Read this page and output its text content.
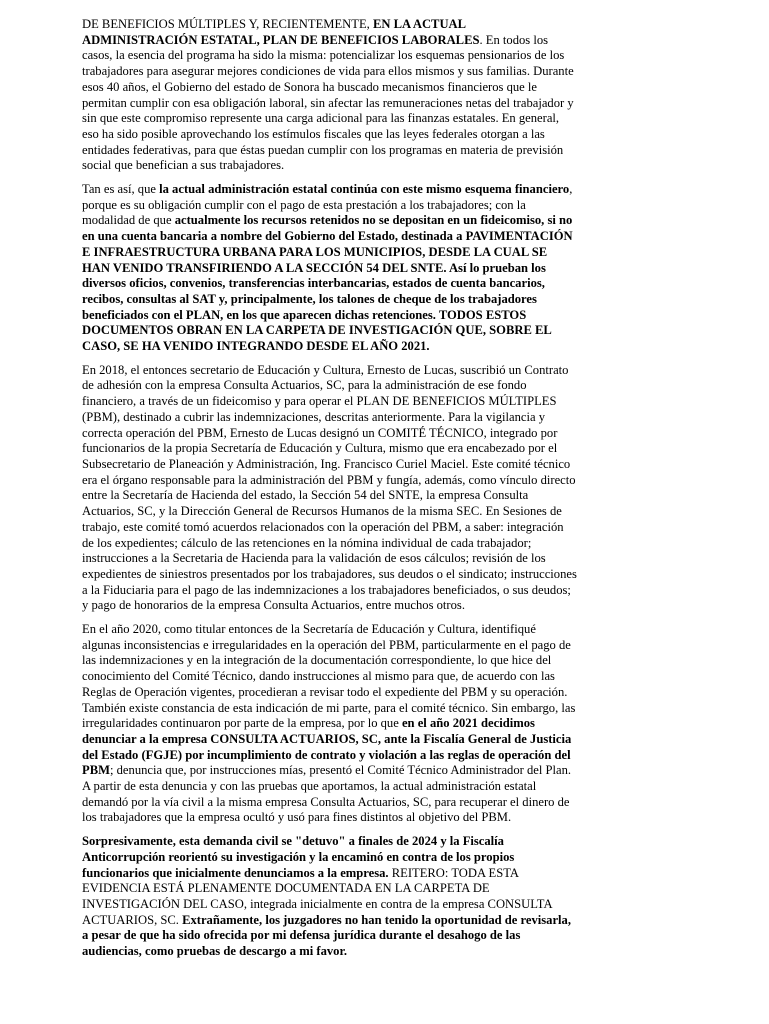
DE BENEFICIOS MÚLTIPLES Y, RECIENTEMENTE, EN LA ACTUAL ADMINISTRACIÓN ESTATAL, PLAN DE BENEFICIOS LABORALES. En todos los casos, la esencia del programa ha sido la misma: potencializar los esquemas pensionarios de los trabajadores para asegurar mejores condiciones de vida para ellos mismos y sus familias. Durante esos 40 años, el Gobierno del estado de Sonora ha buscado mecanismos financieros que le permitan cumplir con esa obligación laboral, sin afectar las remuneraciones netas del trabajador y sin que este compromiso represente una carga adicional para las finanzas estatales. En general, eso ha sido posible aprovechando los estímulos fiscales que las leyes federales otorgan a las entidades federativas, para que éstas puedan cumplir con los programas en materia de previsión social que benefician a sus trabajadores.

Tan es así, que la actual administración estatal continúa con este mismo esquema financiero, porque es su obligación cumplir con el pago de esta prestación a los trabajadores; con la modalidad de que actualmente los recursos retenidos no se depositan en un fideicomiso, si no en una cuenta bancaria a nombre del Gobierno del Estado, destinada a PAVIMENTACIÓN E INFRAESTRUCTURA URBANA PARA LOS MUNICIPIOS, DESDE LA CUAL SE HAN VENIDO TRANSFIRIENDO A LA SECCIÓN 54 DEL SNTE. Así lo prueban los diversos oficios, convenios, transferencias interbancarias, estados de cuenta bancarios, recibos, consultas al SAT y, principalmente, los talones de cheque de los trabajadores beneficiados con el PLAN, en los que aparecen dichas retenciones. TODOS ESTOS DOCUMENTOS OBRAN EN LA CARPETA DE INVESTIGACIÓN QUE, SOBRE EL CASO, SE HA VENIDO INTEGRANDO DESDE EL AÑO 2021.

En 2018, el entonces secretario de Educación y Cultura, Ernesto de Lucas, suscribió un Contrato de adhesión con la empresa Consulta Actuarios, SC, para la administración de ese fondo financiero, a través de un fideicomiso y para operar el PLAN DE BENEFICIOS MÚLTIPLES (PBM), destinado a cubrir las indemnizaciones, descritas anteriormente. Para la vigilancia y correcta operación del PBM, Ernesto de Lucas designó un COMITÉ TÉCNICO, integrado por funcionarios de la propia Secretaría de Educación y Cultura, mismo que era encabezado por el Subsecretario de Planeación y Administración, Ing. Francisco Curiel Maciel. Este comité técnico era el órgano responsable para la administración del PBM y fungía, además, como vínculo directo entre la Secretaría de Hacienda del estado, la Sección 54 del SNTE, la empresa Consulta Actuarios, SC, y la Dirección General de Recursos Humanos de la misma SEC. En Sesiones de trabajo, este comité tomó acuerdos relacionados con la operación del PBM, a saber: integración de los expedientes; cálculo de las retenciones en la nómina individual de cada trabajador; instrucciones a la Secretaria de Hacienda para la validación de esos cálculos; revisión de los expedientes de siniestros presentados por los trabajadores, sus deudos o el sindicato; instrucciones a la Fiduciaria para el pago de las indemnizaciones a los trabajadores beneficiados, o sus deudos; y pago de honorarios de la empresa Consulta Actuarios, entre muchos otros.

En el año 2020, como titular entonces de la Secretaría de Educación y Cultura, identifiqué algunas inconsistencias e irregularidades en la operación del PBM, particularmente en el pago de las indemnizaciones y en la integración de la documentación correspondiente, lo que hice del conocimiento del Comité Técnico, dando instrucciones al mismo para que, de acuerdo con las Reglas de Operación vigentes, procedieran a revisar todo el expediente del PBM y su operación. También existe constancia de esta indicación de mi parte, para el comité técnico. Sin embargo, las irregularidades continuaron por parte de la empresa, por lo que en el año 2021 decidimos denunciar a la empresa CONSULTA ACTUARIOS, SC, ante la Fiscalía General de Justicia del Estado (FGJE) por incumplimiento de contrato y violación a las reglas de operación del PBM; denuncia que, por instrucciones mías, presentó el Comité Técnico Administrador del Plan. A partir de esta denuncia y con las pruebas que aportamos, la actual administración estatal demandó por la vía civil a la misma empresa Consulta Actuarios, SC, para recuperar el dinero de los trabajadores que la empresa ocultó y usó para fines distintos al objetivo del PBM.

Sorpresivamente, esta demanda civil se "detuvo" a finales de 2024 y la Fiscalía Anticorrupción reorientó su investigación y la encaminó en contra de los propios funcionarios que inicialmente denunciamos a la empresa. REITERO: TODA ESTA EVIDENCIA ESTÁ PLENAMENTE DOCUMENTADA EN LA CARPETA DE INVESTIGACIÓN DEL CASO, integrada inicialmente en contra de la empresa CONSULTA ACTUARIOS, SC. Extrañamente, los juzgadores no han tenido la oportunidad de revisarla, a pesar de que ha sido ofrecida por mi defensa jurídica durante el desahogo de las audiencias, como pruebas de descargo a mi favor.
